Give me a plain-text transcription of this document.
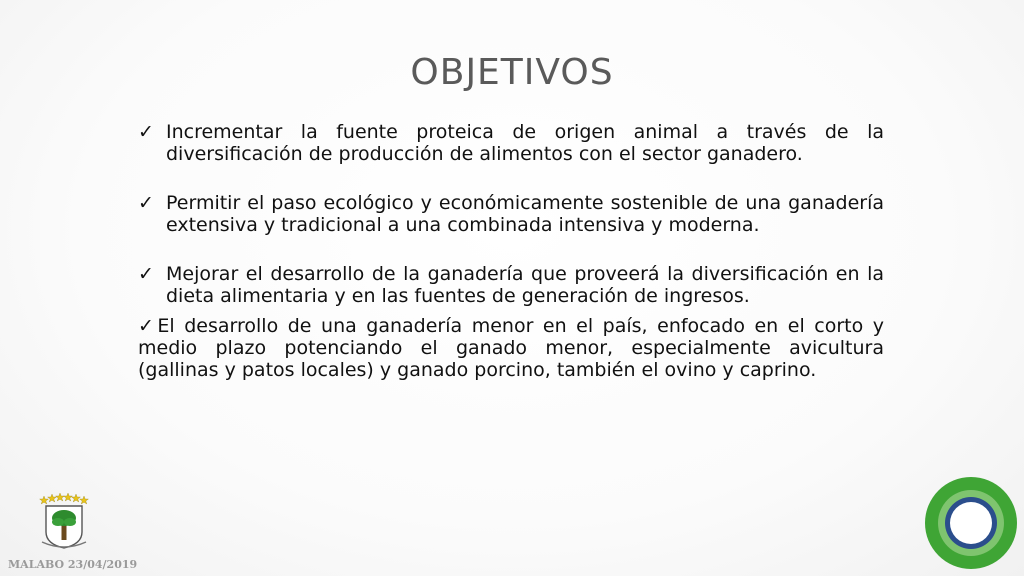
OBJETIVOS
✓ Incrementar la fuente proteica de origen animal a través de la diversificación de producción de alimentos con el sector ganadero.
✓ Permitir el paso ecológico y económicamente sostenible de una ganadería extensiva y tradicional a una combinada intensiva y moderna.
✓ Mejorar el desarrollo de la ganadería que proveerá la diversificación en la dieta alimentaria y en las fuentes de generación de ingresos.
✓El desarrollo de una ganadería menor en el país, enfocado en el corto y medio plazo potenciando el ganado menor, especialmente avicultura (gallinas y patos locales) y ganado porcino, también el ovino y caprino.
MALABO 23/04/2019
